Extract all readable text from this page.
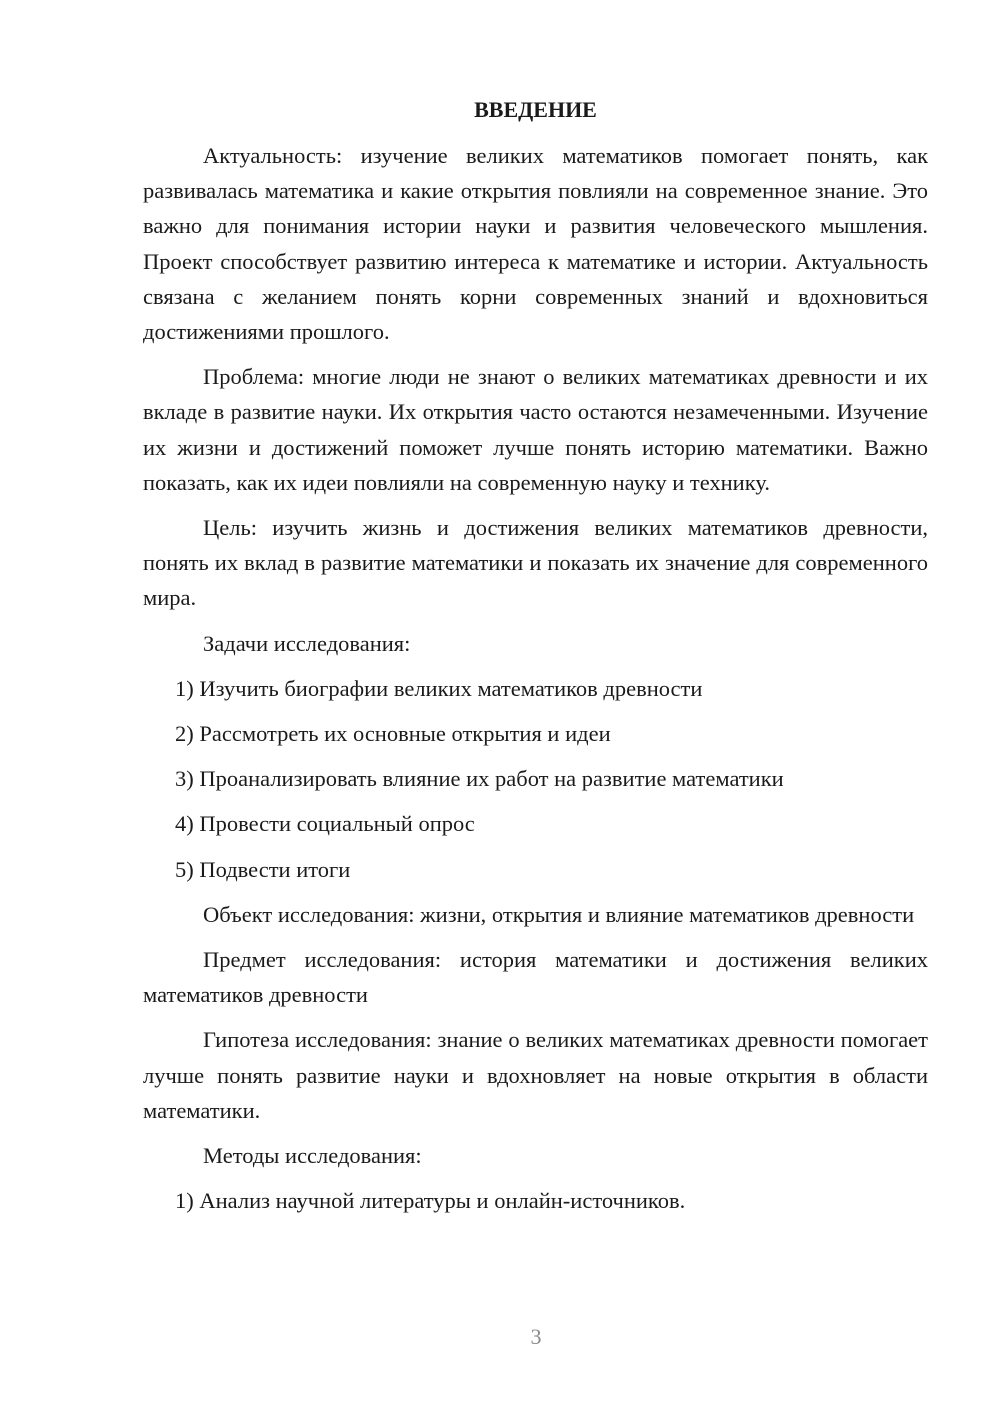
ВВЕДЕНИЕ

Актуальность: изучение великих математиков помогает понять, как развивалась математика и какие открытия повлияли на современное знание. Это важно для понимания истории науки и развития человеческого мышления. Проект способствует развитию интереса к математике и истории. Актуальность связана с желанием понять корни современных знаний и вдохновиться достижениями прошлого.

Проблема: многие люди не знают о великих математиках древности и их вкладе в развитие науки. Их открытия часто остаются незамеченными. Изучение их жизни и достижений поможет лучше понять историю математики. Важно показать, как их идеи повлияли на современную науку и технику.

Цель: изучить жизнь и достижения великих математиков древности, понять их вклад в развитие математики и показать их значение для современного мира.

Задачи исследования:

1) Изучить биографии великих математиков древности

2) Рассмотреть их основные открытия и идеи

3) Проанализировать влияние их работ на развитие математики

4) Провести социальный опрос

5) Подвести итоги

Объект исследования: жизни, открытия и влияние математиков древности

Предмет исследования: история математики и достижения великих математиков древности

Гипотеза исследования: знание о великих математиках древности помогает лучше понять развитие науки и вдохновляет на новые открытия в области математики.

Методы исследования:

1) Анализ научной литературы и онлайн-источников.

3
